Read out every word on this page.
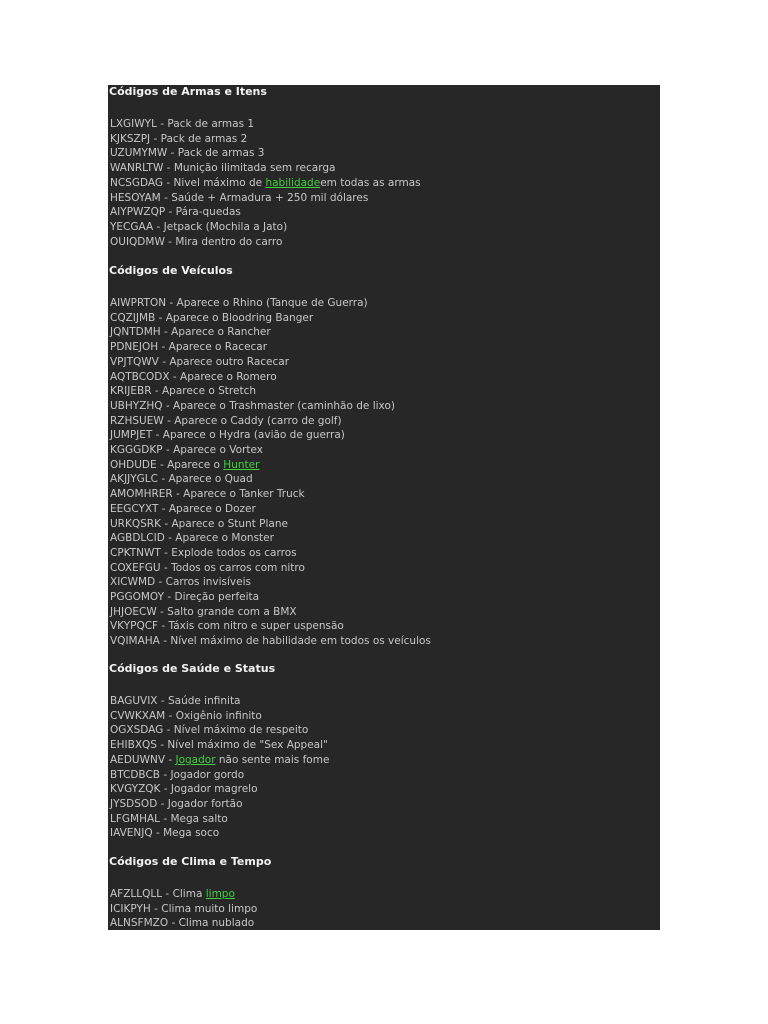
Códigos de Armas e Itens
LXGIWYL - Pack de armas 1
KJKSZPJ - Pack de armas 2
UZUMYMW - Pack de armas 3
WANRLTW - Munição ilimitada sem recarga
NCSGDAG - Nivel máximo de habilidadeem todas as armas
HESOYAM - Saúde + Armadura + 250 mil dólares
AIYPWZQP - Pára-quedas
YECGAA - Jetpack (Mochila a Jato)
OUIQDMW - Mira dentro do carro
Códigos de Veículos
AIWPRTON - Aparece o Rhino (Tanque de Guerra)
CQZIJMB - Aparece o Bloodring Banger
JQNTDMH - Aparece o Rancher
PDNEJOH - Aparece o Racecar
VPJTQWV - Aparece outro Racecar
AQTBCODX - Aparece o Romero
KRIJEBR - Aparece o Stretch
UBHYZHQ - Aparece o Trashmaster (caminhão de lixo)
RZHSUEW - Aparece o Caddy (carro de golf)
JUMPJET - Aparece o Hydra (avião de guerra)
KGGGDKP - Aparece o Vortex
OHDUDE - Aparece o Hunter
AKJJYGLC - Aparece o Quad
AMOMHRER - Aparece o Tanker Truck
EEGCYXT - Aparece o Dozer
URKQSRK - Aparece o Stunt Plane
AGBDLCID - Aparece o Monster
CPKTNWT - Explode todos os carros
COXEFGU - Todos os carros com nitro
XICWMD - Carros invisíveis
PGGOMOY - Direção perfeita
JHJOECW - Salto grande com a BMX
VKYPQCF - Táxis com nitro e super uspensão
VQIMAHA - Nível máximo de habilidade em todos os veículos
Códigos de Saúde e Status
BAGUVIX - Saúde infinita
CVWKXAM - Oxigênio infinito
OGXSDAG - Nível máximo de respeito
EHIBXQS - Nível máximo de "Sex Appeal"
AEDUWNV - Jogador não sente mais fome
BTCDBCB - Jogador gordo
KVGYZQK - Jogador magrelo
JYSDSOD - Jogador fortão
LFGMHAL - Mega salto
IAVENJQ - Mega soco
Códigos de Clima e Tempo
AFZLLQLL - Clima limpo
ICIKPYH - Clima muito limpo
ALNSFMZO - Clima nublado
